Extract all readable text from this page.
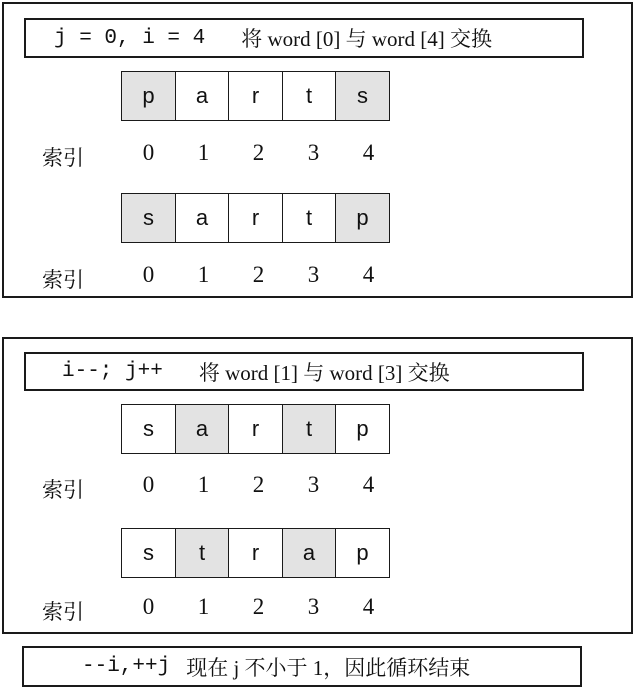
j = 0, i = 4 将 word [0] 与 word [4] 交换
p	a	r	t	s
索引	0	1	2	3	4
s	a	r	t	p
索引	0	1	2	3	4
i--; j++ 将 word [1] 与 word [3] 交换
s	a	r	t	p
索引	0	1	2	3	4
s	t	r	a	p
索引	0	1	2	3	4
--i,++j 现在 j 不小于 1，因此循环结束
